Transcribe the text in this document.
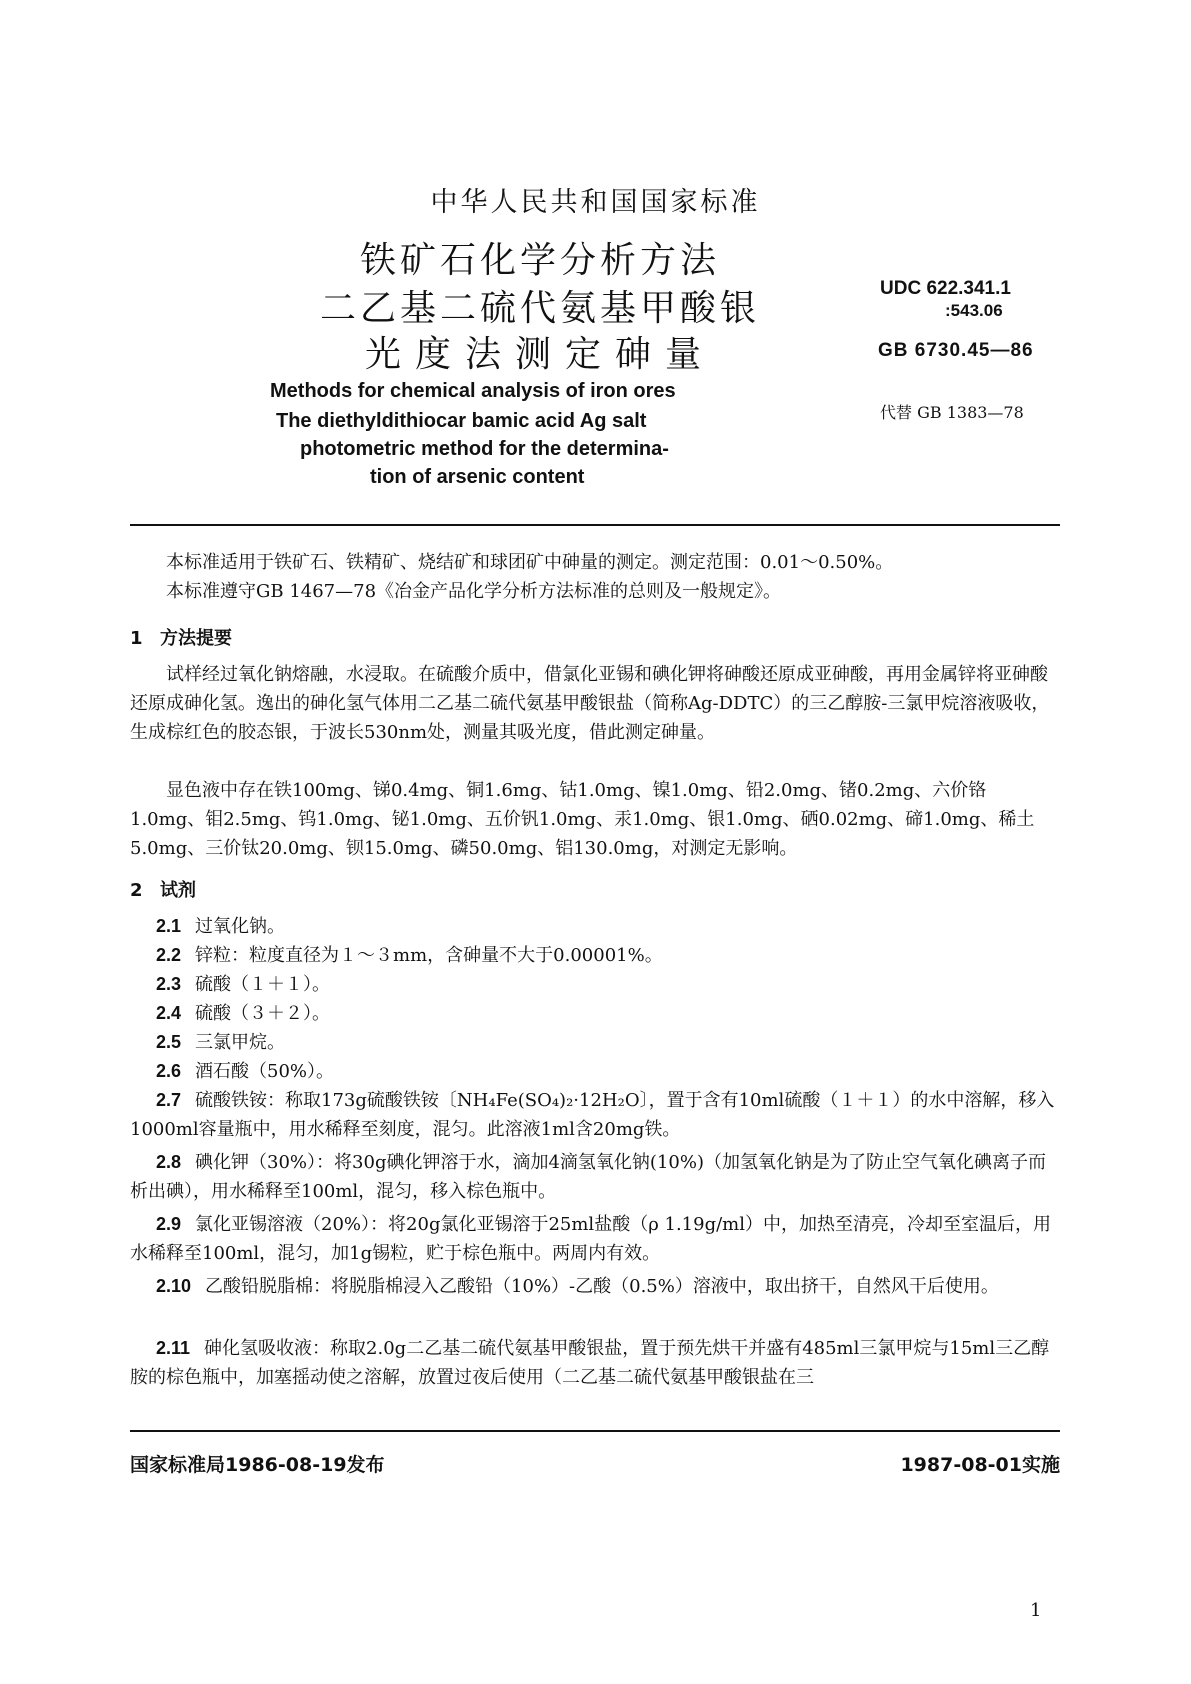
中华人民共和国国家标准
铁矿石化学分析方法
二乙基二硫代氨基甲酸银
光度法测定砷量
UDC 622.341.1
:543.06
GB 6730.45—86
代替 GB 1383—78
Methods for chemical analysis of iron ores
The diethyldithiocar bamic acid Ag salt
photometric method for the determina-
tion of arsenic content
本标准适用于铁矿石、铁精矿、烧结矿和球团矿中砷量的测定。测定范围：0.01～0.50%。
本标准遵守GB 1467—78《冶金产品化学分析方法标准的总则及一般规定》。
1 方法提要
试样经过氧化钠熔融，水浸取。在硫酸介质中，借氯化亚锡和碘化钾将砷酸还原成亚砷酸，再用金属锌将亚砷酸还原成砷化氢。逸出的砷化氢气体用二乙基二硫代氨基甲酸银盐（简称Ag-DDTC）的三乙醇胺-三氯甲烷溶液吸收，生成棕红色的胶态银，于波长530nm处，测量其吸光度，借此测定砷量。
显色液中存在铁100mg、锑0.4mg、铜1.6mg、钴1.0mg、镍1.0mg、铅2.0mg、锗0.2mg、六价铬1.0mg、钼2.5mg、钨1.0mg、铋1.0mg、五价钒1.0mg、汞1.0mg、银1.0mg、硒0.02mg、碲1.0mg、稀土5.0mg、三价钛20.0mg、钡15.0mg、磷50.0mg、铝130.0mg，对测定无影响。
2 试剂
2.1 过氧化钠。
2.2 锌粒：粒度直径为１～３mm，含砷量不大于0.00001%。
2.3 硫酸（１＋１）。
2.4 硫酸（３＋２）。
2.5 三氯甲烷。
2.6 酒石酸（50%）。
2.7 硫酸铁铵：称取173g硫酸铁铵〔NH₄Fe(SO₄)₂·12H₂O〕，置于含有10ml硫酸（１＋１）的水中溶解，移入1000ml容量瓶中，用水稀释至刻度，混匀。此溶液1ml含20mg铁。
2.8 碘化钾（30%）：将30g碘化钾溶于水，滴加4滴氢氧化钠(10%)（加氢氧化钠是为了防止空气氧化碘离子而析出碘），用水稀释至100ml，混匀，移入棕色瓶中。
2.9 氯化亚锡溶液（20%）：将20g氯化亚锡溶于25ml盐酸（ρ 1.19g/ml）中，加热至清亮，冷却至室温后，用水稀释至100ml，混匀，加1g锡粒，贮于棕色瓶中。两周内有效。
2.10 乙酸铅脱脂棉：将脱脂棉浸入乙酸铅（10%）-乙酸（0.5%）溶液中，取出挤干，自然风干后使用。
2.11 砷化氢吸收液：称取2.0g二乙基二硫代氨基甲酸银盐，置于预先烘干并盛有485ml三氯甲烷与15ml三乙醇胺的棕色瓶中，加塞摇动使之溶解，放置过夜后使用（二乙基二硫代氨基甲酸银盐在三
国家标准局1986-08-19发布	1987-08-01实施
1
